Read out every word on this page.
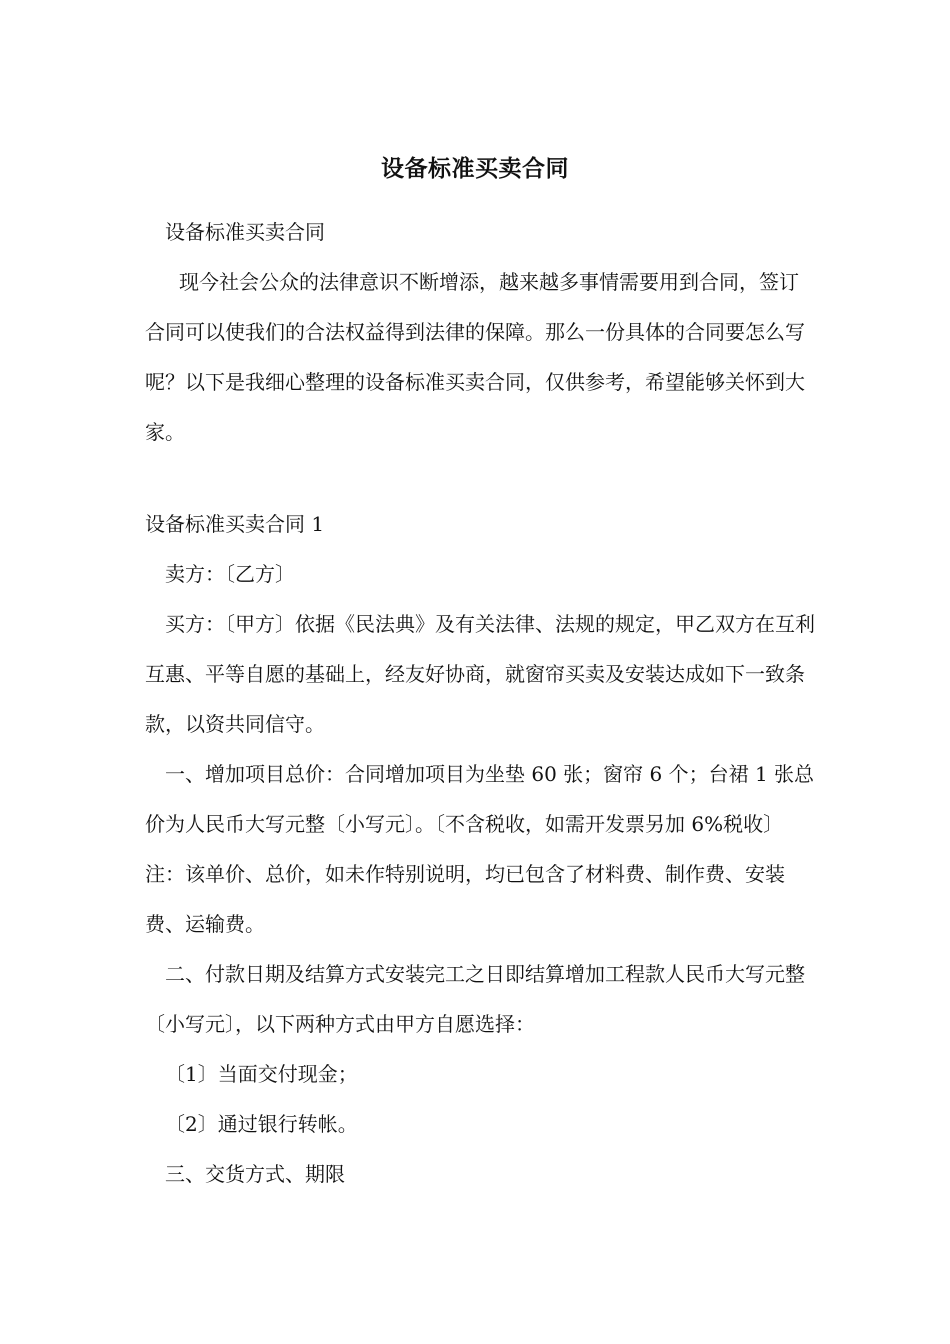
设备标准买卖合同

设备标准买卖合同

现今社会公众的法律意识不断增添，越来越多事情需要用到合同，签订合同可以使我们的合法权益得到法律的保障。那么一份具体的合同要怎么写呢？以下是我细心整理的设备标准买卖合同，仅供参考，希望能够关怀到大家。

设备标准买卖合同 1

卖方：〔乙方〕

买方：〔甲方〕依据《民法典》及有关法律、法规的规定，甲乙双方在互利互惠、平等自愿的基础上，经友好协商，就窗帘买卖及安装达成如下一致条款，以资共同信守。

一、增加项目总价：合同增加项目为坐垫 60 张；窗帘 6 个；台裙 1 张总价为人民币大写元整〔小写元〕。〔不含税收，如需开发票另加 6%税收〕注：该单价、总价，如未作特别说明，均已包含了材料费、制作费、安装费、运输费。

二、付款日期及结算方式安装完工之日即结算增加工程款人民币大写元整〔小写元〕，以下两种方式由甲方自愿选择：

〔1〕当面交付现金；

〔2〕通过银行转帐。

三、交货方式、期限
